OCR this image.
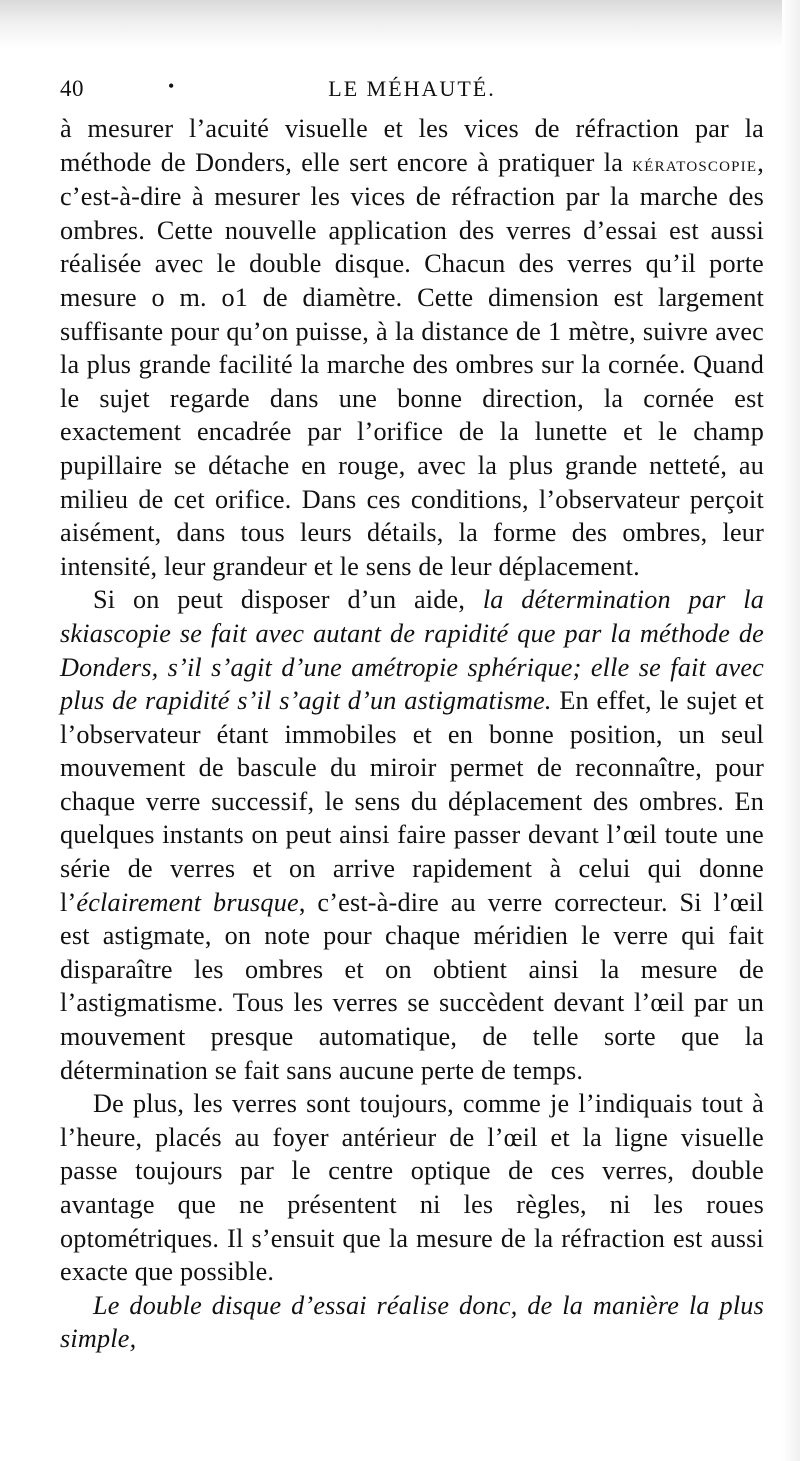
40	•	LE MÉHAUTÉ.

à mesurer l’acuité visuelle et les vices de réfraction par la méthode de Donders, elle sert encore à pratiquer la kératoscopie, c’est-à-dire à mesurer les vices de réfraction par la marche des ombres. Cette nouvelle application des verres d’essai est aussi réalisée avec le double disque. Chacun des verres qu’il porte mesure o m. o1 de diamètre. Cette dimension est largement suffisante pour qu’on puisse, à la distance de 1 mètre, suivre avec la plus grande facilité la marche des ombres sur la cornée. Quand le sujet regarde dans une bonne direction, la cornée est exactement encadrée par l’orifice de la lunette et le champ pupillaire se détache en rouge, avec la plus grande netteté, au milieu de cet orifice. Dans ces conditions, l’observateur perçoit aisément, dans tous leurs détails, la forme des ombres, leur intensité, leur grandeur et le sens de leur déplacement.

Si on peut disposer d’un aide, la détermination par la skiascopie se fait avec autant de rapidité que par la méthode de Donders, s’il s’agit d’une amétropie sphérique; elle se fait avec plus de rapidité s’il s’agit d’un astigmatisme. En effet, le sujet et l’observateur étant immobiles et en bonne position, un seul mouvement de bascule du miroir permet de reconnaître, pour chaque verre successif, le sens du déplacement des ombres. En quelques instants on peut ainsi faire passer devant l’œil toute une série de verres et on arrive rapidement à celui qui donne l’éclairement brusque, c’est-à-dire au verre correcteur. Si l’œil est astigmate, on note pour chaque méridien le verre qui fait disparaître les ombres et on obtient ainsi la mesure de l’astigmatisme. Tous les verres se succèdent devant l’œil par un mouvement presque automatique, de telle sorte que la détermination se fait sans aucune perte de temps.

De plus, les verres sont toujours, comme je l’indiquais tout à l’heure, placés au foyer antérieur de l’œil et la ligne visuelle passe toujours par le centre optique de ces verres, double avantage que ne présentent ni les règles, ni les roues optométriques. Il s’ensuit que la mesure de la réfraction est aussi exacte que possible.

Le double disque d’essai réalise donc, de la manière la plus simple,
